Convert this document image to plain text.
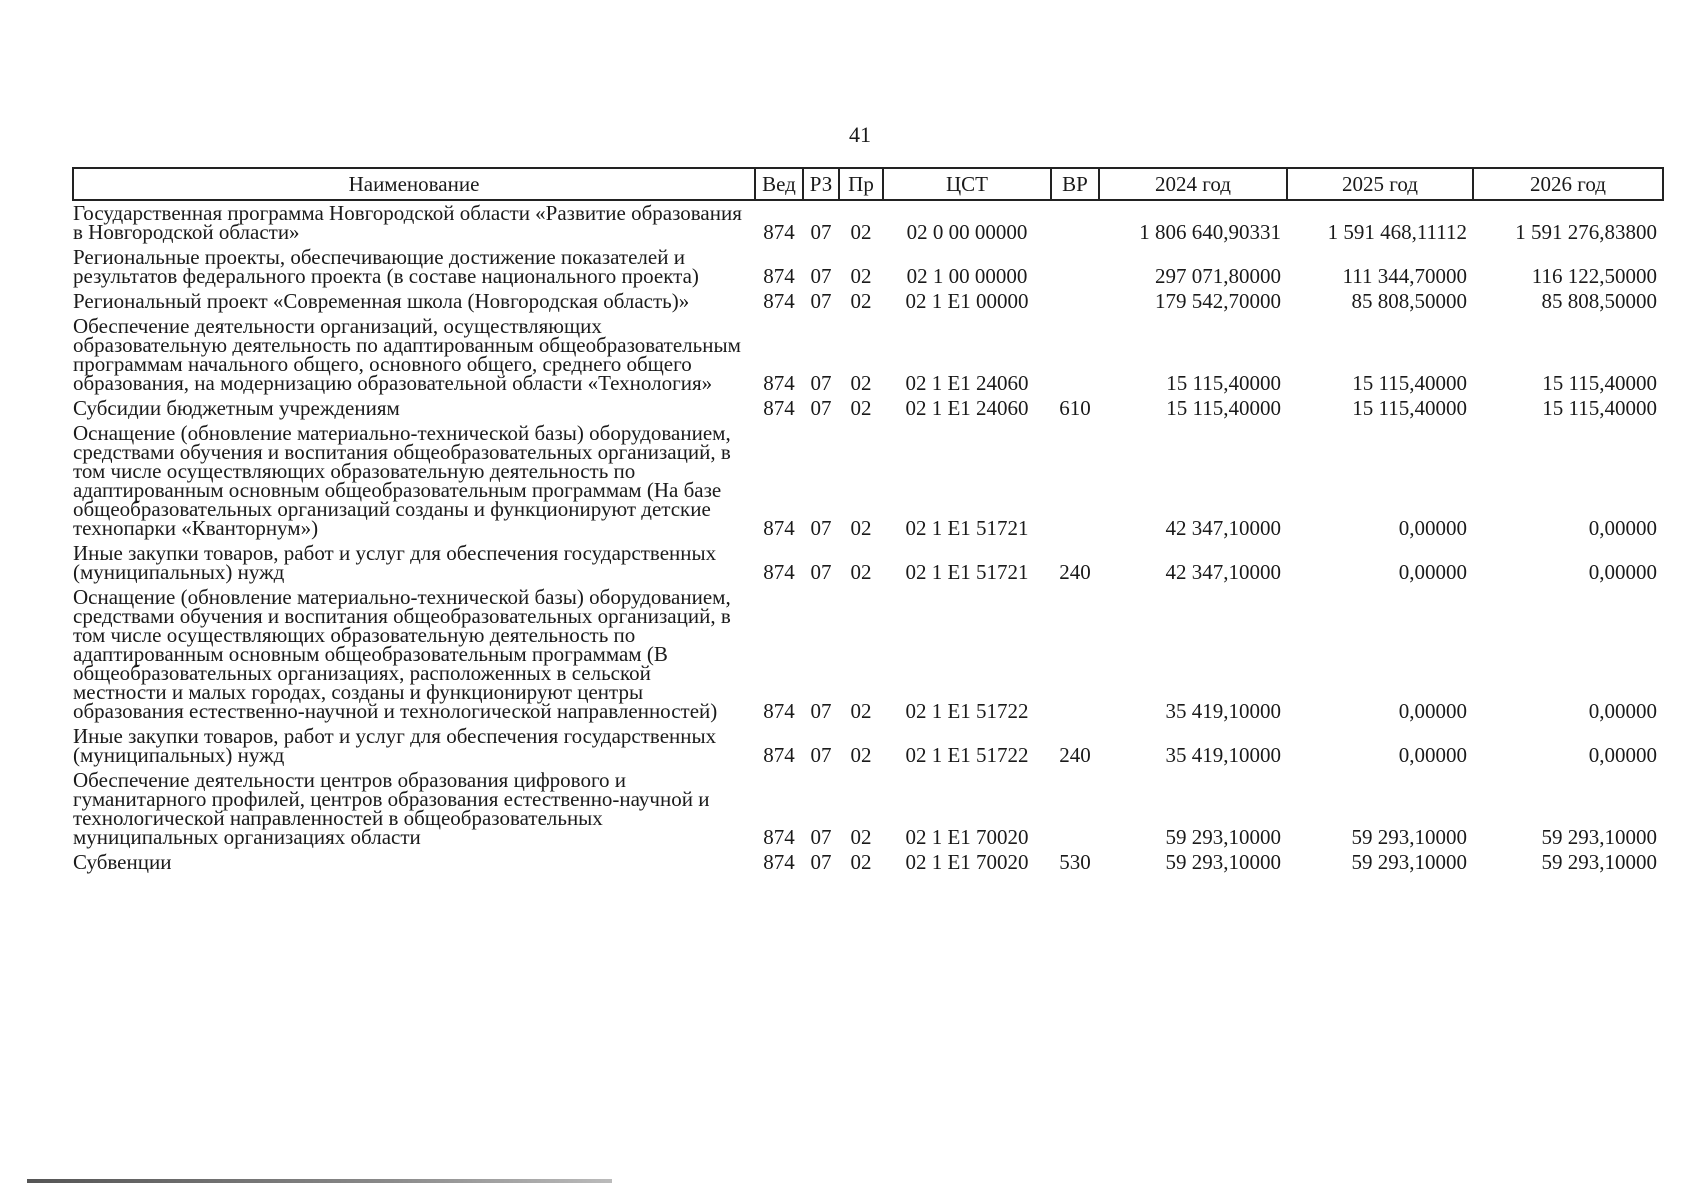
41
Наименование	Вед	РЗ	Пр	ЦСТ	ВР	2024 год	2025 год	2026 год
Государственная программа Новгородской области «Развитие образования в Новгородской области»	874	07	02	02 0 00 00000		1 806 640,90331	1 591 468,11112	1 591 276,83800
Региональные проекты, обеспечивающие достижение показателей и результатов федерального проекта (в составе национального проекта)	874	07	02	02 1 00 00000		297 071,80000	111 344,70000	116 122,50000
Региональный проект «Современная школа (Новгородская область)»	874	07	02	02 1 E1 00000		179 542,70000	85 808,50000	85 808,50000
Обеспечение деятельности организаций, осуществляющих образовательную деятельность по адаптированным общеобразовательным программам начального общего, основного общего, среднего общего образования, на модернизацию образовательной области «Технология»	874	07	02	02 1 E1 24060		15 115,40000	15 115,40000	15 115,40000
Субсидии бюджетным учреждениям	874	07	02	02 1 E1 24060	610	15 115,40000	15 115,40000	15 115,40000
Оснащение (обновление материально-технической базы) оборудованием, средствами обучения и воспитания общеобразовательных организаций, в том числе осуществляющих образовательную деятельность по адаптированным основным общеобразовательным программам (На базе общеобразовательных организаций созданы и функционируют детские технопарки «Кванторнум»)	874	07	02	02 1 E1 51721		42 347,10000	0,00000	0,00000
Иные закупки товаров, работ и услуг для обеспечения государственных (муниципальных) нужд	874	07	02	02 1 E1 51721	240	42 347,10000	0,00000	0,00000
Оснащение (обновление материально-технической базы) оборудованием, средствами обучения и воспитания общеобразовательных организаций, в том числе осуществляющих образовательную деятельность по адаптированным основным общеобразовательным программам (В общеобразовательных организациях, расположенных в сельской местности и малых городах, созданы и функционируют центры образования естественно-научной и технологической направленностей)	874	07	02	02 1 E1 51722		35 419,10000	0,00000	0,00000
Иные закупки товаров, работ и услуг для обеспечения государственных (муниципальных) нужд	874	07	02	02 1 E1 51722	240	35 419,10000	0,00000	0,00000
Обеспечение деятельности центров образования цифрового и гуманитарного профилей, центров образования естественно-научной и технологической направленностей в общеобразовательных муниципальных организациях области	874	07	02	02 1 E1 70020		59 293,10000	59 293,10000	59 293,10000
Субвенции	874	07	02	02 1 E1 70020	530	59 293,10000	59 293,10000	59 293,10000
